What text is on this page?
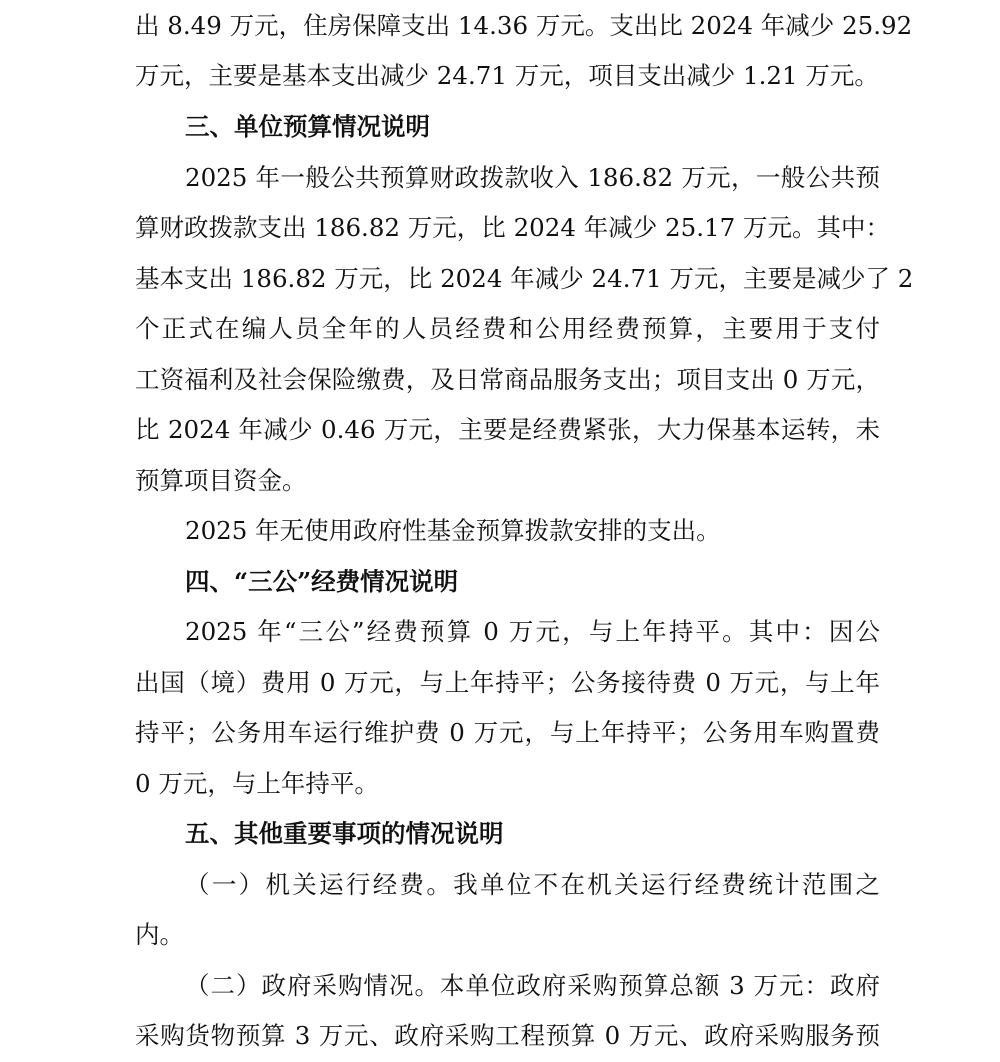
出 8.49 万元，住房保障支出 14.36 万元。支出比 2024 年减少 25.92
万元，主要是基本支出减少 24.71 万元，项目支出减少 1.21 万元。
三、单位预算情况说明
2025 年一般公共预算财政拨款收入 186.82 万元，一般公共预
算财政拨款支出 186.82 万元，比 2024 年减少 25.17 万元。其中：
基本支出 186.82 万元，比 2024 年减少 24.71 万元，主要是减少了 2
个正式在编人员全年的人员经费和公用经费预算，主要用于支付
工资福利及社会保险缴费，及日常商品服务支出；项目支出 0 万元，
比 2024 年减少 0.46 万元，主要是经费紧张，大力保基本运转，未
预算项目资金。
2025 年无使用政府性基金预算拨款安排的支出。
四、“三公”经费情况说明
2025 年“三公”经费预算 0 万元，与上年持平。其中：因公
出国（境）费用 0 万元，与上年持平；公务接待费 0 万元，与上年
持平；公务用车运行维护费 0 万元，与上年持平；公务用车购置费
0 万元，与上年持平。
五、其他重要事项的情况说明
（一）机关运行经费。我单位不在机关运行经费统计范围之
内。
（二）政府采购情况。本单位政府采购预算总额 3 万元：政府
采购货物预算 3 万元、政府采购工程预算 0 万元、政府采购服务预
